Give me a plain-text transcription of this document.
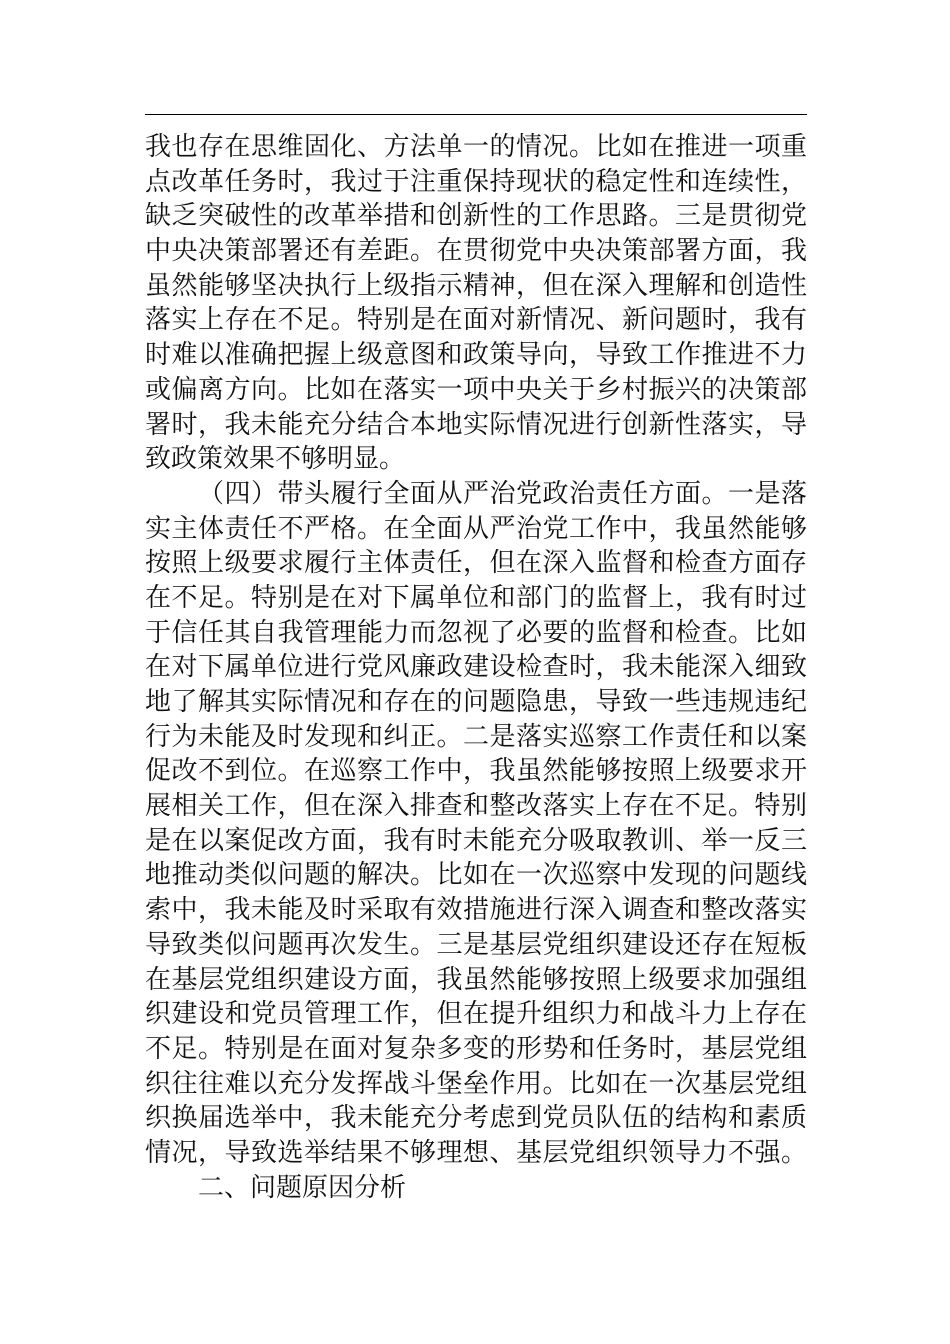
我也存在思维固化、方法单一的情况。比如在推进一项重
点改革任务时，我过于注重保持现状的稳定性和连续性，
缺乏突破性的改革举措和创新性的工作思路。三是贯彻党
中央决策部署还有差距。在贯彻党中央决策部署方面，我
虽然能够坚决执行上级指示精神，但在深入理解和创造性
落实上存在不足。特别是在面对新情况、新问题时，我有
时难以准确把握上级意图和政策导向，导致工作推进不力
或偏离方向。比如在落实一项中央关于乡村振兴的决策部
署时，我未能充分结合本地实际情况进行创新性落实，导
致政策效果不够明显。
（四）带头履行全面从严治党政治责任方面。一是落
实主体责任不严格。在全面从严治党工作中，我虽然能够
按照上级要求履行主体责任，但在深入监督和检查方面存
在不足。特别是在对下属单位和部门的监督上，我有时过
于信任其自我管理能力而忽视了必要的监督和检查。比如
在对下属单位进行党风廉政建设检查时，我未能深入细致
地了解其实际情况和存在的问题隐患，导致一些违规违纪
行为未能及时发现和纠正。二是落实巡察工作责任和以案
促改不到位。在巡察工作中，我虽然能够按照上级要求开
展相关工作，但在深入排查和整改落实上存在不足。特别
是在以案促改方面，我有时未能充分吸取教训、举一反三
地推动类似问题的解决。比如在一次巡察中发现的问题线
索中，我未能及时采取有效措施进行深入调查和整改落实
导致类似问题再次发生。三是基层党组织建设还存在短板
在基层党组织建设方面，我虽然能够按照上级要求加强组
织建设和党员管理工作，但在提升组织力和战斗力上存在
不足。特别是在面对复杂多变的形势和任务时，基层党组
织往往难以充分发挥战斗堡垒作用。比如在一次基层党组
织换届选举中，我未能充分考虑到党员队伍的结构和素质
情况，导致选举结果不够理想、基层党组织领导力不强。
二、问题原因分析
